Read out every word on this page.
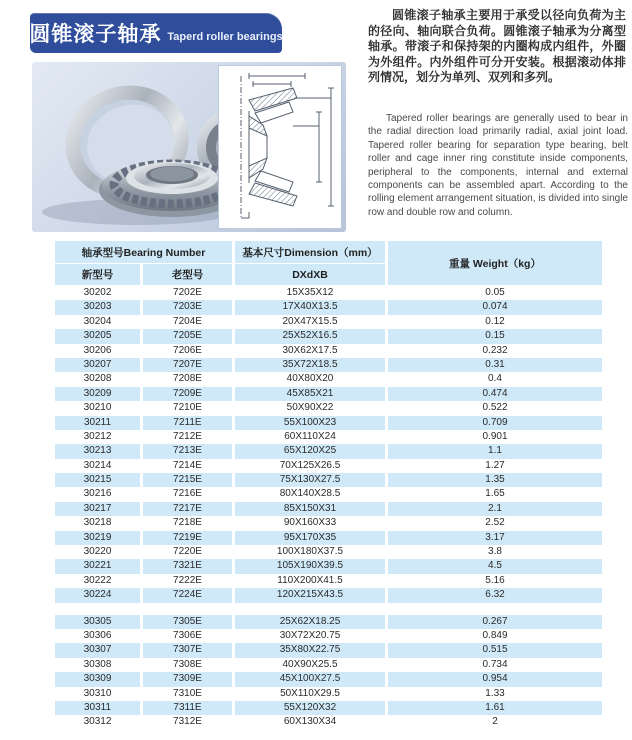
圆锥滚子轴承 Taperd roller bearings

圆锥滚子轴承主要用于承受以径向负荷为主的径向、轴向联合负荷。圆锥滚子轴承为分离型轴承。带滚子和保持架的内圈构成内组件，外圈为外组件。内外组件可分开安装。根据滚动体排列情况，划分为单列、双列和多列。

Tapered roller bearings are generally used to bear in the radial direction load primarily radial, axial joint load. Tapered roller bearing for separation type bearing, belt roller and cage inner ring constitute inside components, peripheral to the components, internal and external components can be assembled apart. According to the rolling element arrangement situation, is divided into single row and double row and column.

轴承型号Bearing Number	基本尺寸Dimension（mm）
重量 Weight（kg）
新型号	老型号	DXdXB
30202	7202E	15X35X12	0.05
30203	7203E	17X40X13.5	0.074
30204	7204E	20X47X15.5	0.12
30205	7205E	25X52X16.5	0.15
30206	7206E	30X62X17.5	0.232
30207	7207E	35X72X18.5	0.31
30208	7208E	40X80X20	0.4
30209	7209E	45X85X21	0.474
30210	7210E	50X90X22	0.522
30211	7211E	55X100X23	0.709
30212	7212E	60X110X24	0.901
30213	7213E	65X120X25	1.1
30214	7214E	70X125X26.5	1.27
30215	7215E	75X130X27.5	1.35
30216	7216E	80X140X28.5	1.65
30217	7217E	85X150X31	2.1
30218	7218E	90X160X33	2.52
30219	7219E	95X170X35	3.17
30220	7220E	100X180X37.5	3.8
30221	7321E	105X190X39.5	4.5
30222	7222E	110X200X41.5	5.16
30224	7224E	120X215X43.5	6.32
30305	7305E	25X62X18.25	0.267
30306	7306E	30X72X20.75	0.849
30307	7307E	35X80X22.75	0.515
30308	7308E	40X90X25.5	0.734
30309	7309E	45X100X27.5	0.954
30310	7310E	50X110X29.5	1.33
30311	7311E	55X120X32	1.61
30312	7312E	60X130X34	2
